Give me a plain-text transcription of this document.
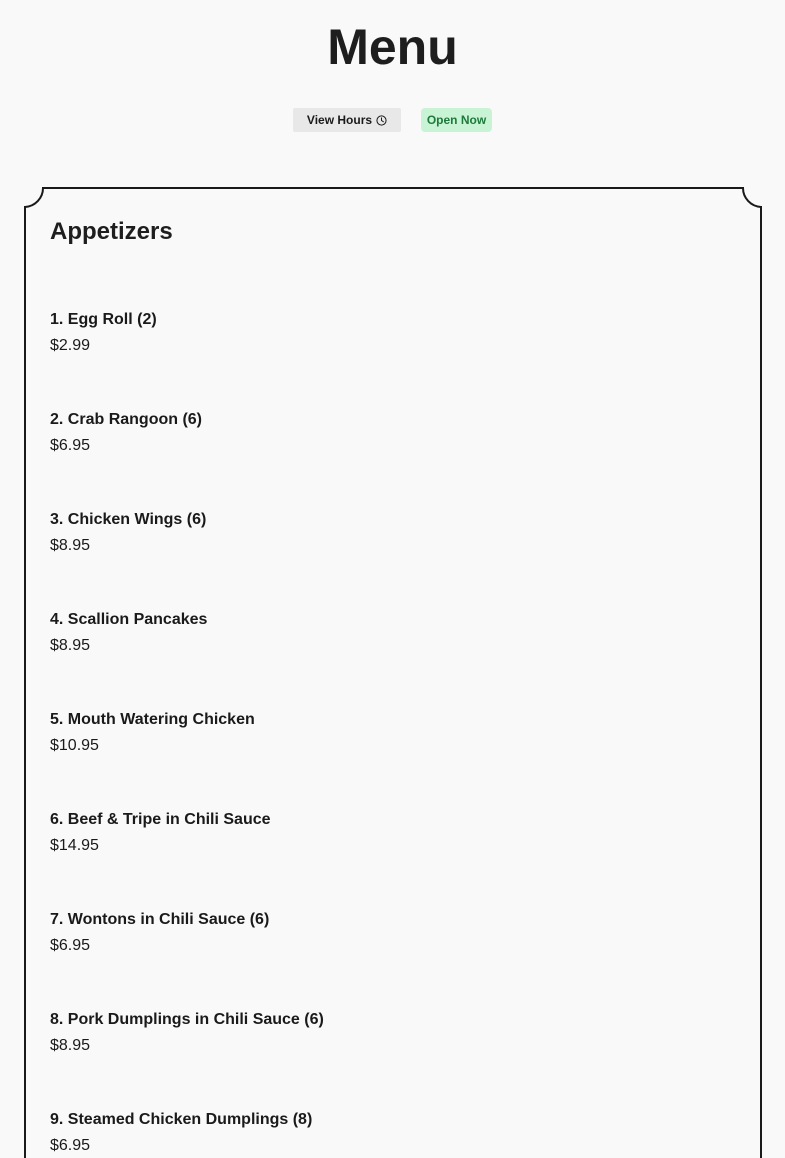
Menu
View Hours	Open Now
Appetizers
1. Egg Roll (2)
$2.99
2. Crab Rangoon (6)
$6.95
3. Chicken Wings (6)
$8.95
4. Scallion Pancakes
$8.95
5. Mouth Watering Chicken
$10.95
6. Beef & Tripe in Chili Sauce
$14.95
7. Wontons in Chili Sauce (6)
$6.95
8. Pork Dumplings in Chili Sauce (6)
$8.95
9. Steamed Chicken Dumplings (8)
$6.95
